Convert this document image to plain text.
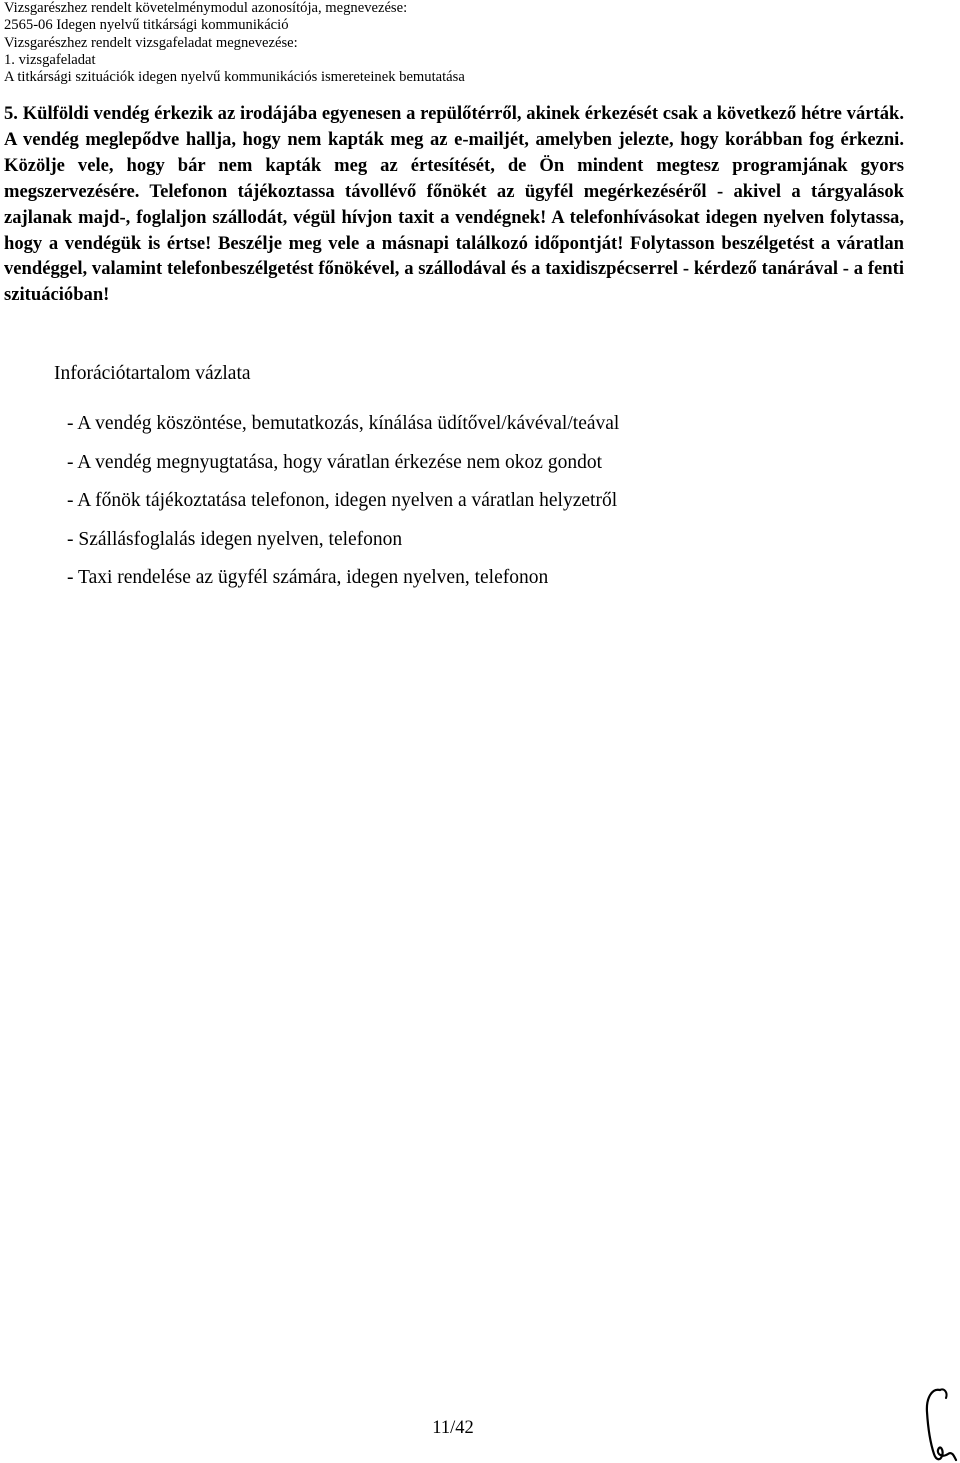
Vizsgarészhez rendelt követelménymodul azonosítója, megnevezése:
2565-06 Idegen nyelvű titkársági kommunikáció
Vizsgarészhez rendelt vizsgafeladat megnevezése:
1. vizsgafeladat
A titkársági szituációk idegen nyelvű kommunikációs ismereteinek bemutatása

5. Külföldi vendég érkezik az irodájába egyenesen a repülőtérről, akinek érkezését csak a következő hétre várták. A vendég meglepődve hallja, hogy nem kapták meg az e-mailjét, amelyben jelezte, hogy korábban fog érkezni. Közölje vele, hogy bár nem kapták meg az értesítését, de Ön mindent megtesz programjának gyors megszervezésére. Telefonon tájékoztassa távollévő főnökét az ügyfél megérkezéséről - akivel a tárgyalások zajlanak majd-, foglaljon szállodát, végül hívjon taxit a vendégnek! A telefonhívásokat idegen nyelven folytassa, hogy a vendégük is értse! Beszélje meg vele a másnapi találkozó időpontját! Folytasson beszélgetést a váratlan vendéggel, valamint telefonbeszélgetést főnökével, a szállodával és a taxidiszpécserrel - kérdező tanárával - a fenti szituációban!

Inforációtartalom vázlata
- A vendég köszöntése, bemutatkozás, kínálása üdítővel/kávéval/teával
- A vendég megnyugtatása, hogy váratlan érkezése nem okoz gondot
- A főnök tájékoztatása telefonon, idegen nyelven a váratlan helyzetről
- Szállásfoglalás idegen nyelven, telefonon
- Taxi rendelése az ügyfél számára, idegen nyelven, telefonon
11/42
